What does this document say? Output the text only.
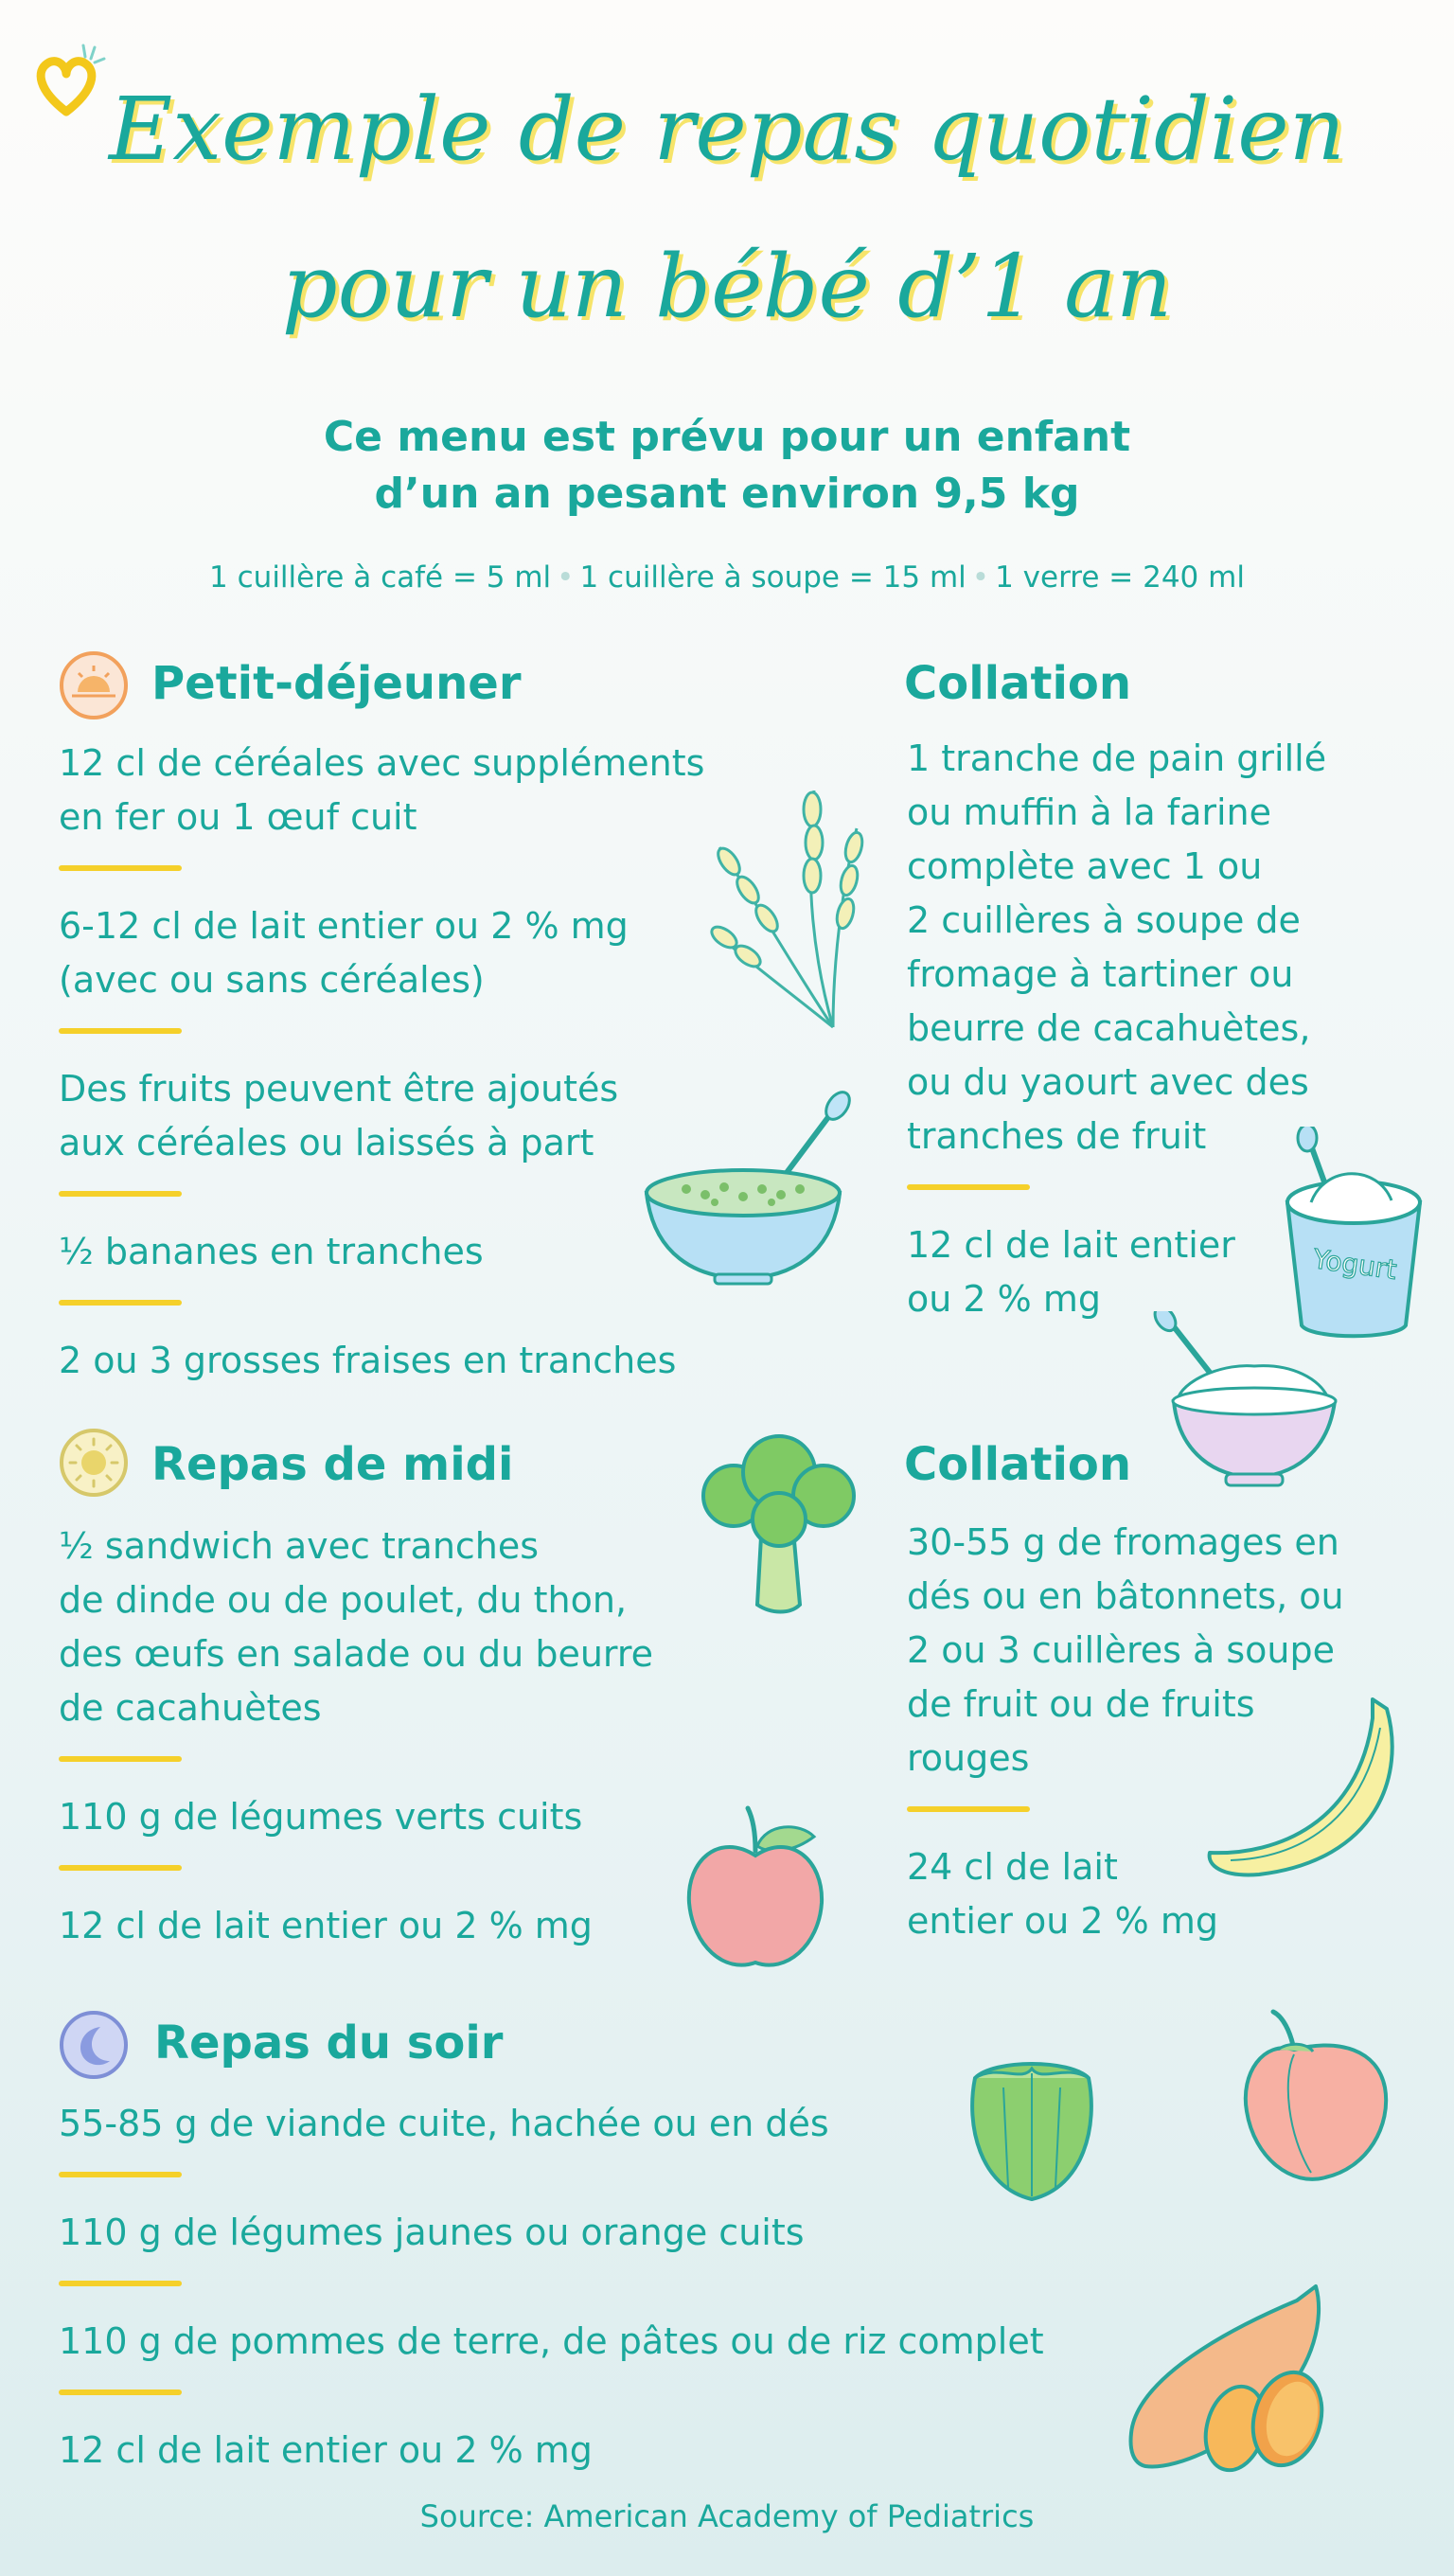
Exemple de repas quotidien
pour un bébé d’1 an
Ce menu est prévu pour un enfant
d’un an pesant environ 9,5 kg
1 cuillère à café = 5 ml • 1 cuillère à soupe = 15 ml • 1 verre = 240 ml
Petit-déjeuner
12 cl de céréales avec suppléments
en fer ou 1 œuf cuit
6-12 cl de lait entier ou 2 % mg
(avec ou sans céréales)
Des fruits peuvent être ajoutés
aux céréales ou laissés à part
½ bananes en tranches
2 ou 3 grosses fraises en tranches
Collation
1 tranche de pain grillé
ou muffin à la farine
complète avec 1 ou
2 cuillères à soupe de
fromage à tartiner ou
beurre de cacahuètes,
ou du yaourt avec des
tranches de fruit
12 cl de lait entier
ou 2 % mg
Yogurt
Repas de midi
½ sandwich avec tranches
de dinde ou de poulet, du thon,
des œufs en salade ou du beurre
de cacahuètes
110 g de légumes verts cuits
12 cl de lait entier ou 2 % mg
Collation
30-55 g de fromages en
dés ou en bâtonnets, ou
2 ou 3 cuillères à soupe
de fruit ou de fruits
rouges
24 cl de lait
entier ou 2 % mg
Repas du soir
55-85 g de viande cuite, hachée ou en dés
110 g de légumes jaunes ou orange cuits
110 g de pommes de terre, de pâtes ou de riz complet
12 cl de lait entier ou 2 % mg
Source: American Academy of Pediatrics
